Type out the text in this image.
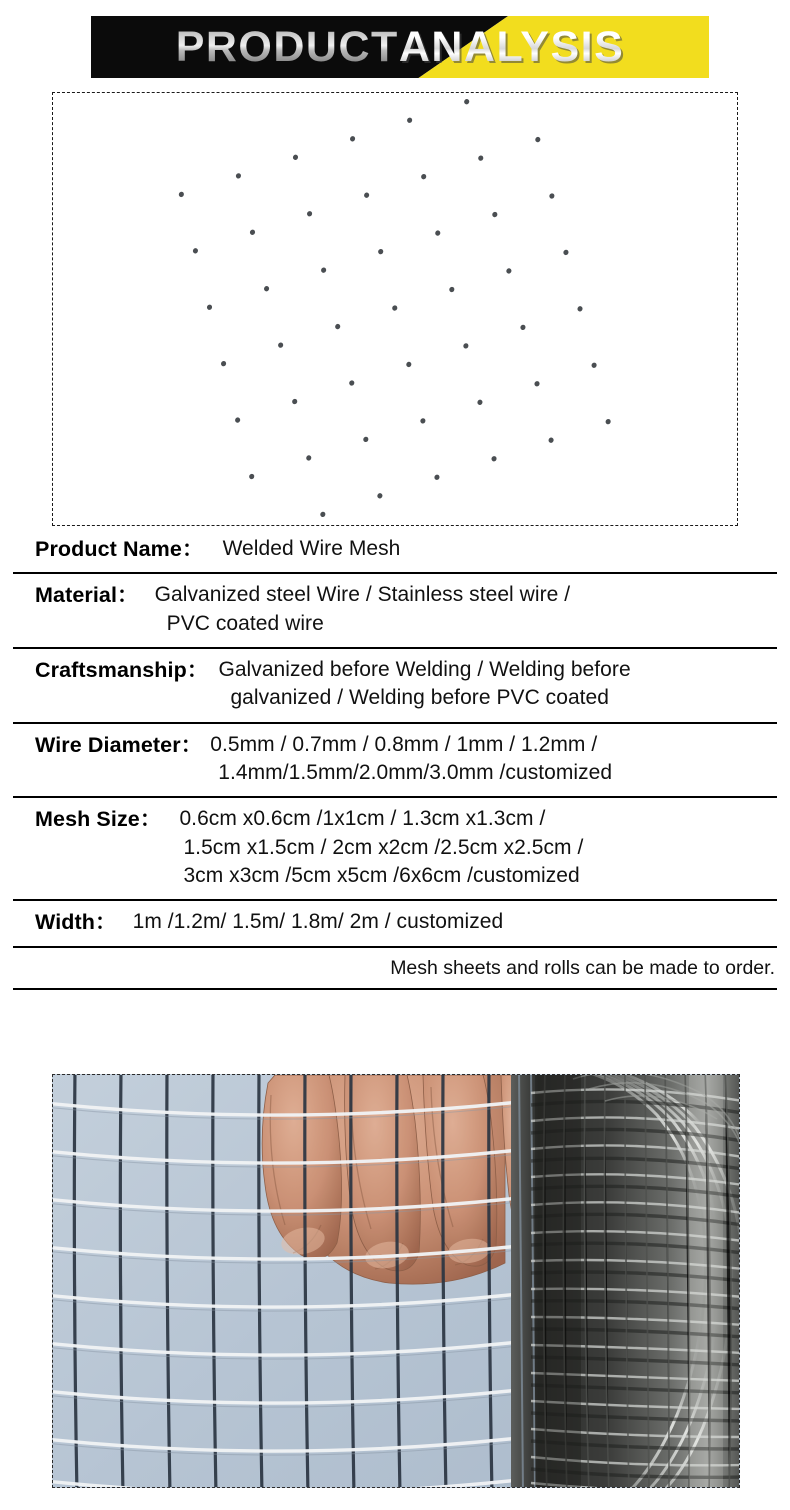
PRODUCT ANALYSIS
Product Name： Welded Wire Mesh
Material： Galvanized steel Wire / Stainless steel wire /
PVC coated wire
Craftsmanship： Galvanized before Welding / Welding before
galvanized / Welding before PVC coated
Wire Diameter： 0.5mm / 0.7mm / 0.8mm / 1mm / 1.2mm /
1.4mm/1.5mm/2.0mm/3.0mm /customized
Mesh Size： 0.6cm x0.6cm /1x1cm / 1.3cm x1.3cm /
1.5cm x1.5cm / 2cm x2cm /2.5cm x2.5cm /
3cm x3cm /5cm x5cm /6x6cm /customized
Width： 1m /1.2m/ 1.5m/ 1.8m/ 2m / customized
Mesh sheets and rolls can be made to order.
